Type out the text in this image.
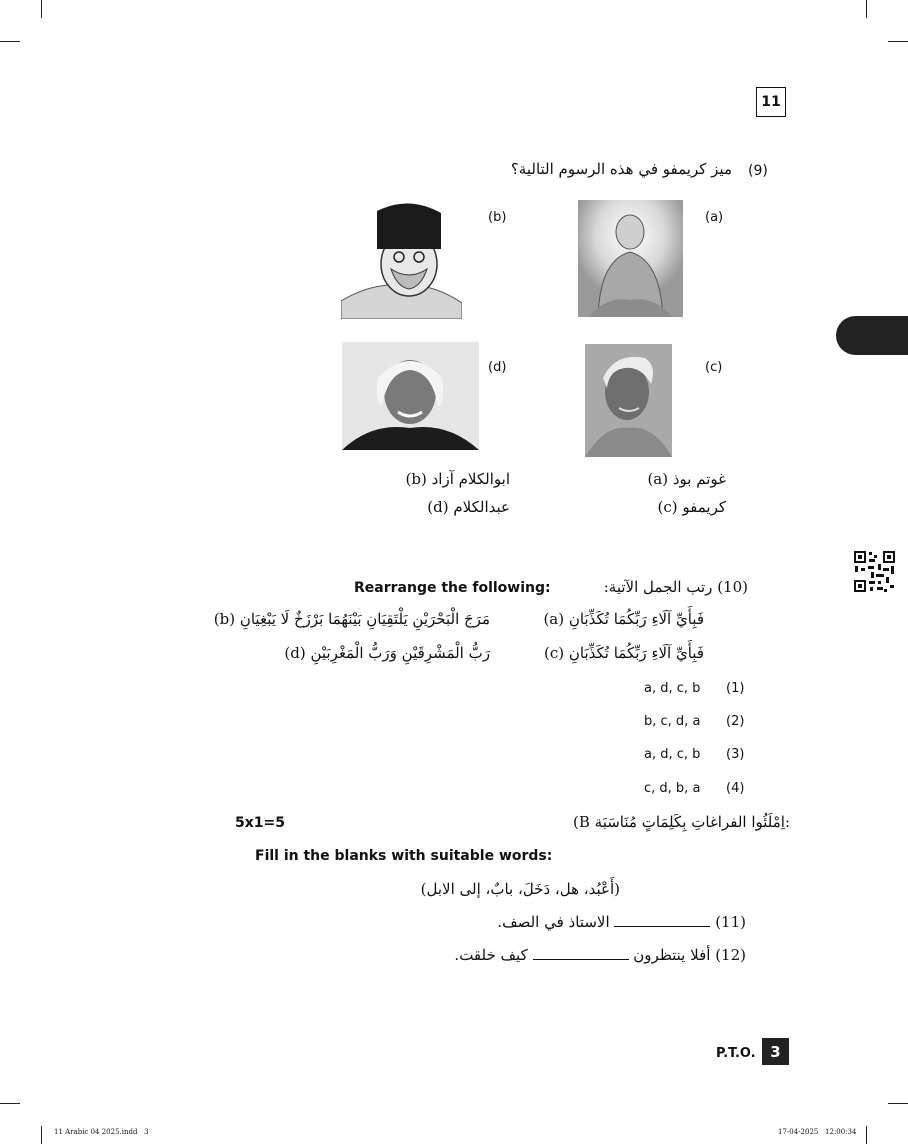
11
(9)
ميز كريمفو في هذه الرسوم التالية؟
(b)	(a)
(d)	(c)
(a) غوتم بوذ
(b) ابوالكلام آزاد
(c) كريمفو
(d) عبدالكلام
(10) رتب الجمل الآتية:
Rearrange the following:
(a) فَبِأَيِّ آلَاءِ رَبِّكُمَا تُكَذِّبَانِ
(b) مَرَجَ الْبَحْرَيْنِ يَلْتَقِيَانِ بَيْنَهُمَا بَرْزَخٌ لَا يَبْغِيَانِ
(c) فَبِأَيِّ آلَاءِ رَبِّكُمَا تُكَذِّبَانِ
(d) رَبُّ الْمَشْرِقَيْنِ وَرَبُّ الْمَغْرِبَيْنِ
a, d, c, b (1)
b, c, d, a (2)
a, d, c, b (3)
c, d, b, a (4)
(B اِمْلَئُوا الفراغاتِ بِكَلِمَاتٍ مُنَاسَبَة:
5x1=5
Fill in the blanks with suitable words:
(أَعْبُد، هل، دَخَلَ، بابٌ، إلى الابل)
(11)  الاستاذ في الصف.
(12) أفلا ينتظرون  كيف خلقت.
P.T.O. 3
11 Arabic 04 2025.indd   3	17-04-2025   12:00:34
